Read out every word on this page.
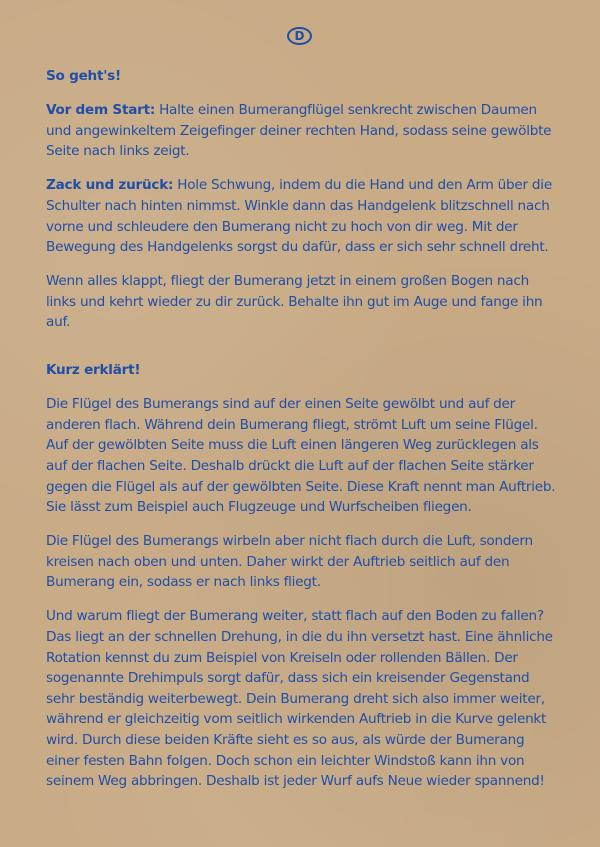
D
So geht's!

Vor dem Start: Halte einen Bumerangflügel senkrecht zwischen Daumen und angewinkeltem Zeigefinger deiner rechten Hand, sodass seine gewölbte Seite nach links zeigt.

Zack und zurück: Hole Schwung, indem du die Hand und den Arm über die Schulter nach hinten nimmst. Winkle dann das Handgelenk blitzschnell nach vorne und schleudere den Bumerang nicht zu hoch von dir weg. Mit der Bewegung des Handgelenks sorgst du dafür, dass er sich sehr schnell dreht.

Wenn alles klappt, fliegt der Bumerang jetzt in einem großen Bogen nach links und kehrt wieder zu dir zurück. Behalte ihn gut im Auge und fange ihn auf.

Kurz erklärt!

Die Flügel des Bumerangs sind auf der einen Seite gewölbt und auf der anderen flach. Während dein Bumerang fliegt, strömt Luft um seine Flügel. Auf der gewölbten Seite muss die Luft einen längeren Weg zurücklegen als auf der flachen Seite. Deshalb drückt die Luft auf der flachen Seite stärker gegen die Flügel als auf der gewölbten Seite. Diese Kraft nennt man Auftrieb. Sie lässt zum Beispiel auch Flugzeuge und Wurfscheiben fliegen.

Die Flügel des Bumerangs wirbeln aber nicht flach durch die Luft, sondern kreisen nach oben und unten. Daher wirkt der Auftrieb seitlich auf den Bumerang ein, sodass er nach links fliegt.

Und warum fliegt der Bumerang weiter, statt flach auf den Boden zu fallen? Das liegt an der schnellen Drehung, in die du ihn versetzt hast. Eine ähnliche Rotation kennst du zum Beispiel von Kreiseln oder rollenden Bällen. Der sogenannte Drehimpuls sorgt dafür, dass sich ein kreisender Gegenstand sehr beständig weiterbewegt. Dein Bumerang dreht sich also immer weiter, während er gleichzeitig vom seitlich wirkenden Auftrieb in die Kurve gelenkt wird. Durch diese beiden Kräfte sieht es so aus, als würde der Bumerang einer festen Bahn folgen. Doch schon ein leichter Windstoß kann ihn von seinem Weg abbringen. Deshalb ist jeder Wurf aufs Neue wieder spannend!
